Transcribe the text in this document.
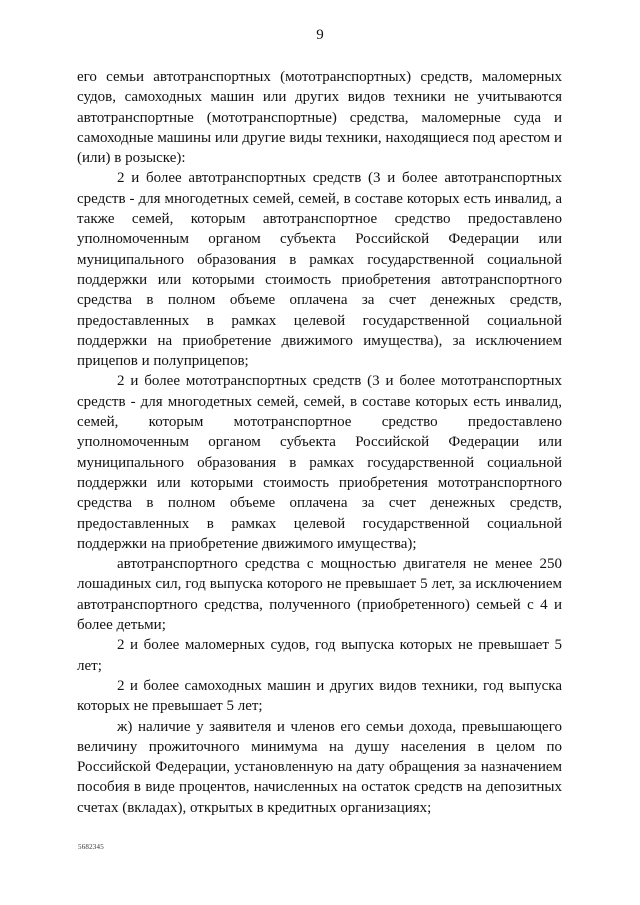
9

его семьи автотранспортных (мототранспортных) средств, маломерных судов, самоходных машин или других видов техники не учитываются автотранспортные (мототранспортные) средства, маломерные суда и самоходные машины или другие виды техники, находящиеся под арестом и (или) в розыске):

2 и более автотранспортных средств (3 и более автотранспортных средств - для многодетных семей, семей, в составе которых есть инвалид, а также семей, которым автотранспортное средство предоставлено уполномоченным органом субъекта Российской Федерации или муниципального образования в рамках государственной социальной поддержки или которыми стоимость приобретения автотранспортного средства в полном объеме оплачена за счет денежных средств, предоставленных в рамках целевой государственной социальной поддержки на приобретение движимого имущества), за исключением прицепов и полуприцепов;

2 и более мототранспортных средств (3 и более мототранспортных средств - для многодетных семей, семей, в составе которых есть инвалид, семей, которым мототранспортное средство предоставлено уполномоченным органом субъекта Российской Федерации или муниципального образования в рамках государственной социальной поддержки или которыми стоимость приобретения мототранспортного средства в полном объеме оплачена за счет денежных средств, предоставленных в рамках целевой государственной социальной поддержки на приобретение движимого имущества);

автотранспортного средства с мощностью двигателя не менее 250 лошадиных сил, год выпуска которого не превышает 5 лет, за исключением автотранспортного средства, полученного (приобретенного) семьей с 4 и более детьми;

2 и более маломерных судов, год выпуска которых не превышает 5 лет;

2 и более самоходных машин и других видов техники, год выпуска которых не превышает 5 лет;

ж) наличие у заявителя и членов его семьи дохода, превышающего величину прожиточного минимума на душу населения в целом по Российской Федерации, установленную на дату обращения за назначением пособия в виде процентов, начисленных на остаток средств на депозитных счетах (вкладах), открытых в кредитных организациях;

5682345
